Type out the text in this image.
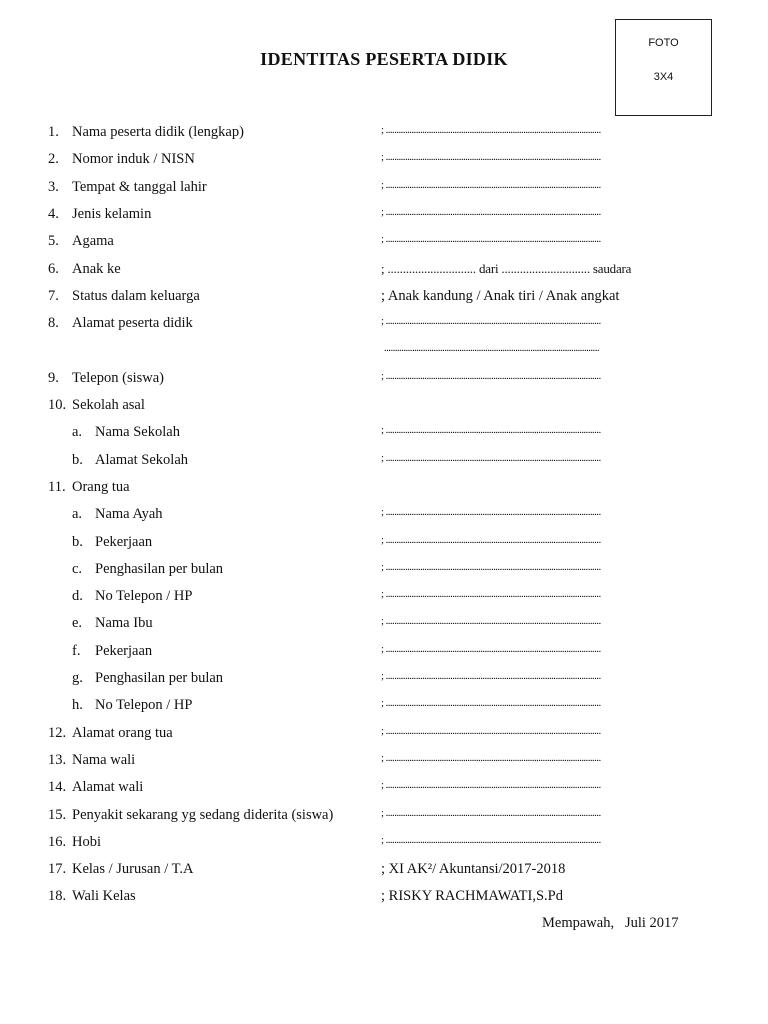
FOTO
3X4
IDENTITAS PESERTA DIDIK
1. Nama peserta didik (lengkap)	; ....................................................................................................
2. Nomor induk / NISN	; ....................................................................................................
3. Tempat & tanggal lahir	; ....................................................................................................
4. Jenis kelamin	; ....................................................................................................
5. Agama	; ....................................................................................................
6. Anak ke	; ............................. dari ............................. saudara
7. Status dalam keluarga	; Anak kandung / Anak tiri / Anak angkat
8. Alamat peserta didik	; ....................................................................................................
....................................................................................................
9. Telepon (siswa)	; ....................................................................................................
10. Sekolah asal
a. Nama Sekolah	; ....................................................................................................
b. Alamat Sekolah	; ....................................................................................................
11. Orang tua
a. Nama Ayah	; ....................................................................................................
b. Pekerjaan	; ....................................................................................................
c. Penghasilan per bulan	; ....................................................................................................
d. No Telepon / HP	; ....................................................................................................
e. Nama Ibu	; ....................................................................................................
f. Pekerjaan	; ....................................................................................................
g. Penghasilan per bulan	; ....................................................................................................
h. No Telepon / HP	; ....................................................................................................
12. Alamat orang tua	; ....................................................................................................
13. Nama wali	; ....................................................................................................
14. Alamat wali	; ....................................................................................................
15. Penyakit sekarang yg sedang diderita (siswa)	; ....................................................................................................
16. Hobi	; ....................................................................................................
17. Kelas / Jurusan / T.A	; XI AK²/ Akuntansi/2017-2018
18. Wali Kelas	; RISKY RACHMAWATI,S.Pd
Mempawah,   Juli 2017
